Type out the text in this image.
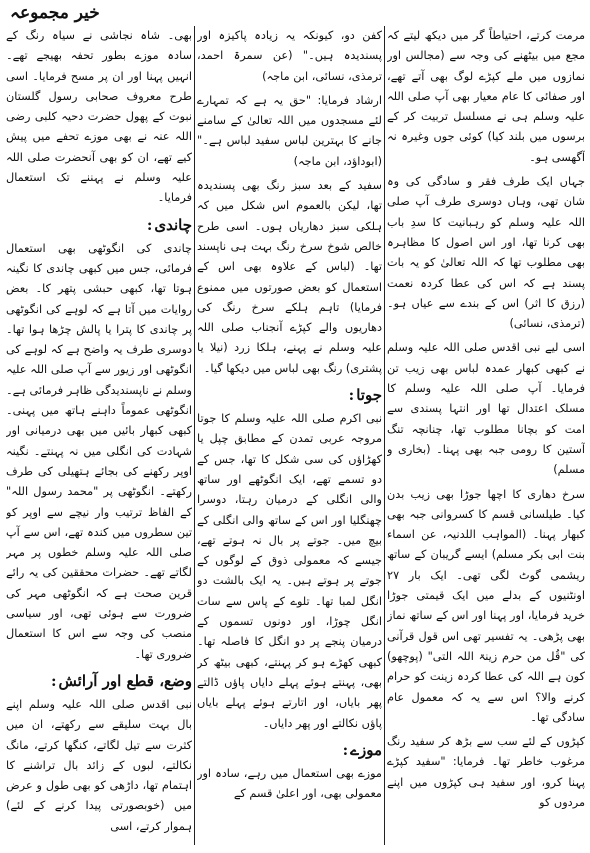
خیر مجموعہ

مرمت کرتے، احتیاطاً گر میں دیکھ لیتے کہ مجع میں بیٹھنے کی وجہ سے (مجالس اور نمازوں میں ملے کپڑے لوگ بھی آتے تھے، اور صفائی کا عام معیار بھی آپ صلی اللہ علیہ وسلم ہی نے مسلسل تربیت کر کے برسوں میں بلند کیا) کوئی جوں وغیرہ نہ آگھسی ہو۔

جہاں ایک طرف فقر و سادگی کی وہ شان تھی، وہاں دوسری طرف آپ صلی اللہ علیہ وسلم کو رہبانیت کا سدِ باب بھی کرنا تھا، اور اس اصول کا مظاہرہ بھی مطلوب تھا کہ اللہ تعالیٰ کو یہ بات پسند ہے کہ اس کی عطا کردہ نعمت (رزق کا اثر) اس کے بندے سے عیاں ہو۔ (ترمذی، نسائی)

اسی لیے نبی اقدس صلی اللہ علیہ وسلم نے کبھی کبھار عمدہ لباس بھی زیب تن فرمایا۔ آپ صلی اللہ علیہ وسلم کا مسلک اعتدال تھا اور انتہا پسندی سے امت کو بچانا مطلوب تھا، چنانچہ تنگ آستین کا رومی جبہ بھی پہنا۔ (بخاری و مسلم)

سرخ دھاری کا اچھا جوڑا بھی زیب بدن کیا۔ طیلسانی قسم کا کسروانی جبہ بھی کبھار پہنا۔ (المواہب اللدنیہ، عن اسماء بنت ابی بکر مسلم) ایسے گریبان کے ساتھ ریشمی گوٹ لگی تھی۔ ایک بار ۲۷ اونٹنیوں کے بدلے میں ایک قیمتی جوڑا خرید فرمایا، اور پہنا اور اس کے ساتھ نماز بھی پڑھی۔ یہ تفسیر تھی اس قول قرآنی کی "قُل من حرم زینۃ اللہ التی" (پوچھو) کون ہے اللہ کی عطا کردہ زینت کو حرام کرنے والا؟ اس سے یہ کہ معمول عام سادگی تھا۔

کپڑوں کے لئے سب سے بڑھ کر سفید رنگ مرغوب خاطر تھا۔ فرمایا: "سفید کپڑے پہنا کرو، اور سفید ہی کپڑوں میں اپنے مردوں کو

کفن دو، کیونکہ یہ زیادہ پاکیزہ اور پسندیدہ ہیں۔" (عن سمرۃ احمد، ترمذی، نسائی، ابن ماجہ)

ارشاد فرمایا: "حق یہ ہے کہ تمہارے لئے مسجدوں میں اللہ تعالیٰ کے سامنے جانے کا بہترین لباس سفید لباس ہے۔" (ابوداؤد، ابن ماجہ)

سفید کے بعد سبز رنگ بھی پسندیدہ تھا، لیکن بالعموم اس شکل میں کہ ہلکی سبز دھاریاں ہوں۔ اسی طرح خالص شوخ سرخ رنگ بہت ہی ناپسند تھا۔ (لباس کے علاوہ بھی اس کے استعمال کو بعض صورتوں میں ممنوع فرمایا) تاہم ہلکے سرخ رنگ کی دھاریوں والے کپڑے آنجناب صلی اللہ علیہ وسلم نے پہنے، ہلکا زرد (نیلا یا پشتری) رنگ بھی لباس میں دیکھا گیا۔

جوتا:

نبی اکرم صلی اللہ علیہ وسلم کا جوتا مروجہ عربی تمدن کے مطابق چپل یا کھڑاؤں کی سی شکل کا تھا، جس کے دو تسمے تھے، ایک انگوٹھے اور ساتھ والی انگلی کے درمیان رہتا، دوسرا چھنگلیا اور اس کے ساتھ والی انگلی کے بیچ میں۔ جوتے پر بال نہ ہوتے تھے، جیسے کہ معمولی ذوق کے لوگوں کے جوتے پر ہوتے ہیں۔ یہ ایک بالشت دو انگل لمبا تھا۔ تلوے کے پاس سے سات انگل چوڑا، اور دونوں تسموں کے درمیان پنجے پر دو انگل کا فاصلہ تھا۔ کبھی کھڑے ہو کر پہنتے، کبھی بیٹھ کر بھی، پہنتے ہوئے پہلے دایاں پاؤں ڈالتے پھر بایاں، اور اتارتے ہوئے پہلے بایاں پاؤں نکالتے اور پھر دایاں۔

موزے:

موزے بھی استعمال میں رہے، سادہ اور معمولی بھی، اور اعلیٰ قسم کے

بھی۔ شاہ نجاشی نے سیاہ رنگ کے سادہ موزے بطور تحفہ بھیجے تھے۔ انہیں پہنا اور ان پر مسح فرمایا۔ اسی طرح معروف صحابی رسول گلستان نبوت کے پھول حضرت دحیہ کلبی رضی اللہ عنہ نے بھی موزے تحفے میں پیش کیے تھے، ان کو بھی آنحضرت صلی اللہ علیہ وسلم نے پہننے تک استعمال فرمایا۔

چاندی:

چاندی کی انگوٹھی بھی استعمال فرمائی، جس میں کبھی چاندی کا نگینہ ہوتا تھا، کبھی حبشی پتھر کا۔ بعض روایات میں آتا ہے کہ لوہے کی انگوٹھی پر چاندی کا پترا یا پالش چڑھا ہوا تھا۔ دوسری طرف یہ واضح ہے کہ لوہے کی انگوٹھی اور زیور سے آپ صلی اللہ علیہ وسلم نے ناپسندیدگی ظاہر فرمائی ہے۔ انگوٹھی عموماً داہنے ہاتھ میں پہنی۔ کبھی کبھار بائیں میں بھی درمیانی اور شہادت کی انگلی میں نہ پہنتے۔ نگینہ اوپر رکھنے کی بجائے ہتھیلی کی طرف رکھتے۔ انگوٹھی پر "محمد رسول اللہ" کے الفاظ ترتیب وار نیچے سے اوپر کو تین سطروں میں کندہ تھے، اس سے آپ صلی اللہ علیہ وسلم خطوں پر مہر لگاتے تھے۔ حضرات محققین کی یہ رائے قرین صحت ہے کہ انگوٹھی مہر کی ضرورت سے ہوئی تھی، اور سیاسی منصب کی وجہ سے اس کا استعمال ضروری تھا۔

وضع، قطع اور آرائش:

نبی اقدس صلی اللہ علیہ وسلم اپنے بال بہت سلیقے سے رکھتے، ان میں کثرت سے تیل لگاتے، کنگھا کرتے، مانگ نکالتے، لبوں کے زائد بال تراشنے کا اہتمام تھا، داڑھی کو بھی طول و عرض میں (خوبصورتی پیدا کرنے کے لئے) ہموار کرتے، اسی
